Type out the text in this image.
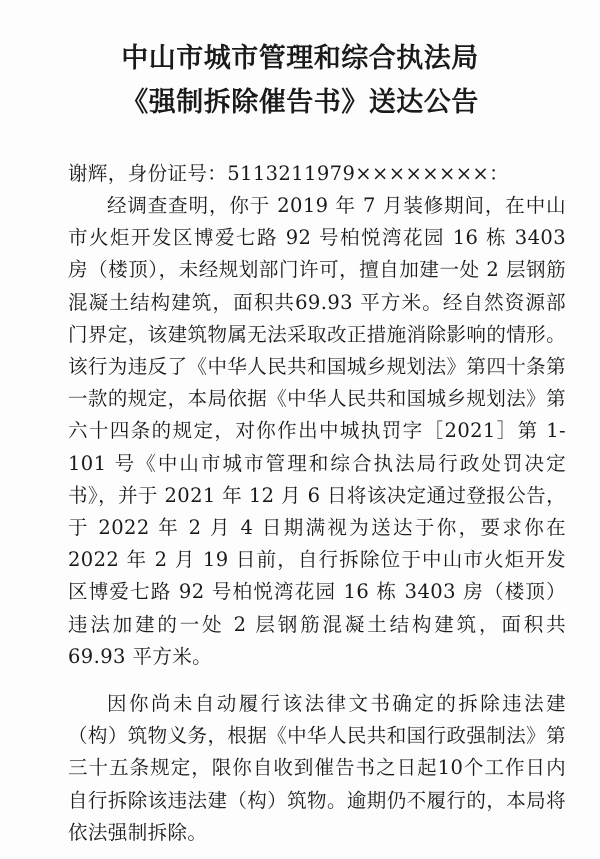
中山市城市管理和综合执法局
《强制拆除催告书》送达公告

谢辉，身份证号：5113211979××××××××：

经调查查明，你于 2019 年 7 月装修期间，在中山市火炬开发区博爱七路 92 号柏悦湾花园 16 栋 3403 房（楼顶），未经规划部门许可，擅自加建一处 2 层钢筋混凝土结构建筑，面积共69.93 平方米。经自然资源部门界定，该建筑物属无法采取改正措施消除影响的情形。该行为违反了《中华人民共和国城乡规划法》第四十条第一款的规定，本局依据《中华人民共和国城乡规划法》第六十四条的规定，对你作出中城执罚字［2021］第 1-101 号《中山市城市管理和综合执法局行政处罚决定书》，并于 2021 年 12 月 6 日将该决定通过登报公告，于 2022 年 2 月 4 日期满视为送达于你，要求你在 2022 年 2 月 19 日前，自行拆除位于中山市火炬开发区博爱七路 92 号柏悦湾花园 16 栋 3403 房（楼顶）违法加建的一处 2 层钢筋混凝土结构建筑，面积共69.93 平方米。

因你尚未自动履行该法律文书确定的拆除违法建（构）筑物义务，根据《中华人民共和国行政强制法》第三十五条规定，限你自收到催告书之日起10个工作日内自行拆除该违法建（构）筑物。逾期仍不履行的，本局将依法强制拆除。
